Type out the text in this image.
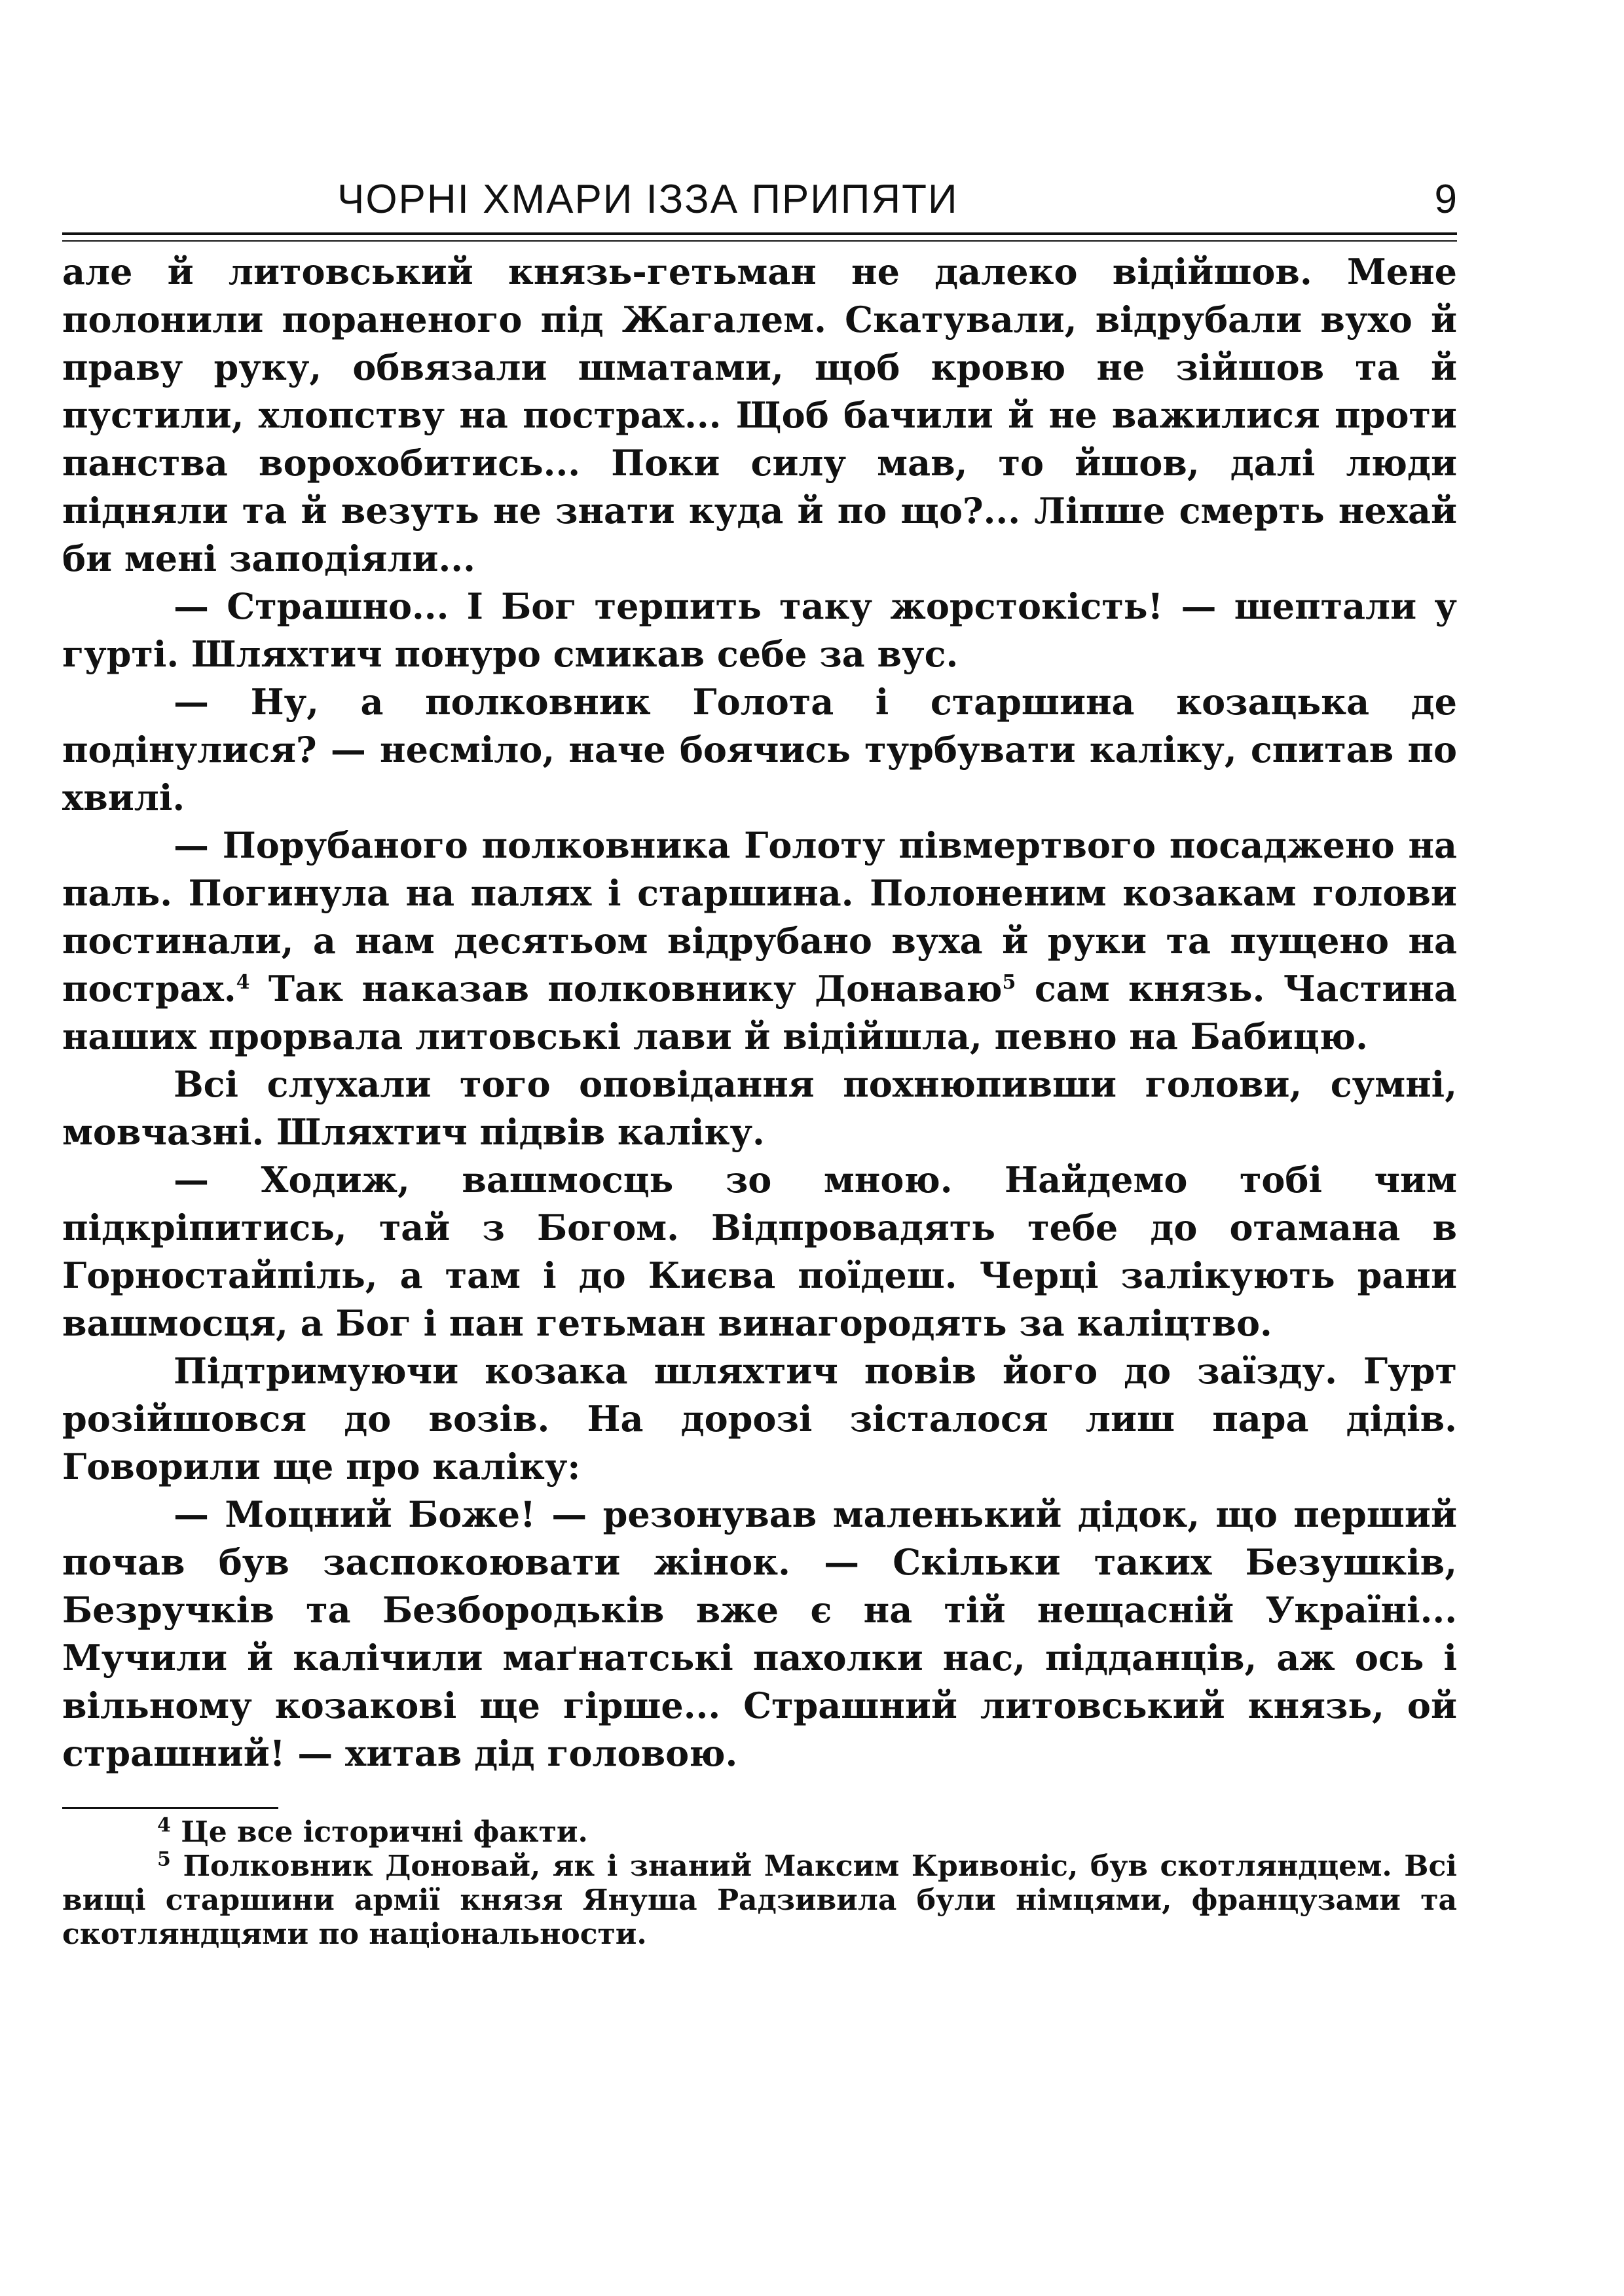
ЧОРНІ ХМАРИ ІЗЗА ПРИПЯТИ	9

але й литовський князь-гетьман не далеко відійшов. Мене полонили пораненого під Жагалем. Скатували, відрубали вухо й праву руку, обвязали шматами, щоб кровю не зійшов та й пустили, хлопству на пострах... Щоб бачили й не важилися проти панства ворохобитись... Поки силу мав, то йшов, далі люди підняли та й везуть не знати куда й по що?... Ліпше смерть нехай би мені заподіяли...

— Страшно... І Бог терпить таку жорстокість! — шептали у гурті. Шляхтич понуро смикав себе за вус.

— Ну, а полковник Голота і старшина козацька де подінулися? — несміло, наче боячись турбувати каліку, спитав по хвилі.

— Порубаного полковника Голоту півмертвого посаджено на паль. Погинула на палях і старшина. Полоненим козакам голови постинали, а нам десятьом відрубано вуха й руки та пущено на пострах.$^4$ Так наказав полковнику Донаваю$^5$ сам князь. Частина наших прорвала литовські лави й відійшла, певно на Бабицю.

Всі слухали того оповідання похнюпивши голови, сумні, мовчазні. Шляхтич підвів каліку.

— Ходиж, вашмосць зо мною. Найдемо тобі чим підкріпитись, тай з Богом. Відпровадять тебе до отамана в Горностайпіль, а там і до Києва поїдеш. Черці залікують рани вашмосця, а Бог і пан гетьман винагородять за каліцтво.

Підтримуючи козака шляхтич повів його до заїзду. Гурт розійшовся до возів. На дорозі зісталося лиш пара дідів. Говорили ще про каліку:

— Моцний Боже! — резонував маленький дідок, що перший почав був заспокоювати жінок. — Скільки таких Безушків, Безручків та Безбородьків вже є на тій нещасній Україні... Мучили й калічили маґнатські пахолки нас, підданців, аж ось і вільному козакові ще гірше... Страшний литовський князь, ой страшний! — хитав дід головою.

$^4$ Це все історичні факти.

$^5$ Полковник Доновай, як і знаний Максим Кривоніс, був скотляндцем. Всі вищі старшини армії князя Януша Радзивила були німцями, французами та скотляндцями по національности.
